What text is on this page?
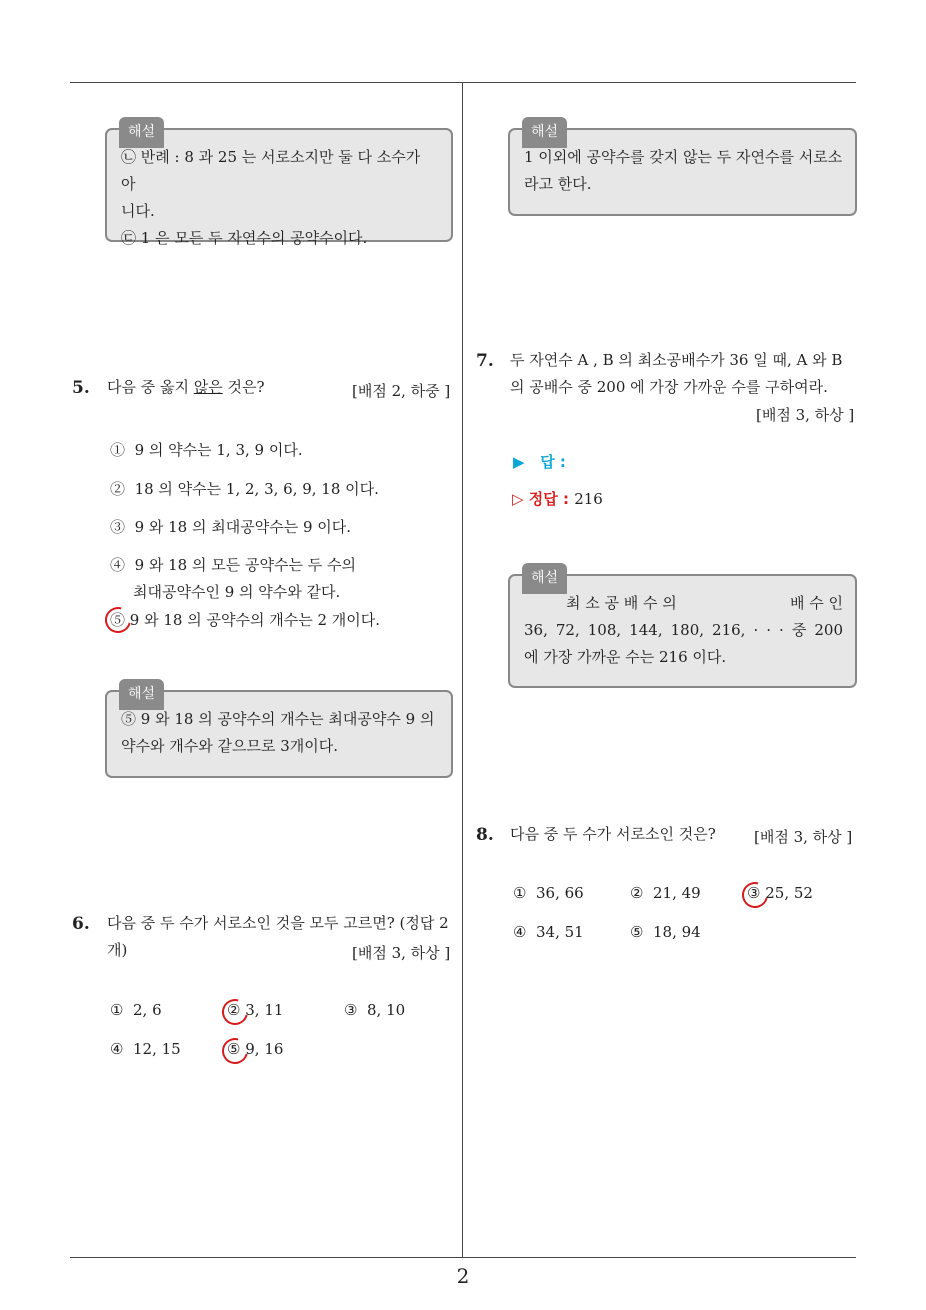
2
해설

㉡ 반례 : 8 과 25 는 서로소지만 둘 다 소수가 아

니다.

㉢ 1 은 모든 두 자연수의 공약수이다.

해설

1 이외에 공약수를 갖지 않는 두 자연수를 서로소

라고 한다.

5. 다음 중 옳지 않은 것은?	[배점 2, 하중 ]
① 9 의 약수는 1, 3, 9 이다.
② 18 의 약수는 1, 2, 3, 6, 9, 18 이다.
③ 9 와 18 의 최대공약수는 9 이다.
④ 9 와 18 의 모든 공약수는 두 수의
최대공약수인 9 의 약수와 같다.
⑤ 9 와 18 의 공약수의 개수는 2 개이다.
해설

⑤ 9 와 18 의 공약수의 개수는 최대공약수 9 의

약수와 개수와 같으므로 3개이다.

6. 다음 중 두 수가 서로소인 것을 모두 고르면? (정답 2
개)	[배점 3, 하상 ]
① 2, 6	② 3, 11	③ 8, 10
④ 12, 15	⑤ 9, 16
7. 두 자연수 A , B 의 최소공배수가 36 일 때, A 와 B
의 공배수 중 200 에 가장 가까운 수를 구하여라.
[배점 3, 하상 ]
▶ 답 :
▷ 정답 : 216
해설

최 소 공 배 수 의	배 수 인

36, 72, 108, 144, 180, 216, · · · 중 200

에 가장 가까운 수는 216 이다.

8. 다음 중 두 수가 서로소인 것은?	[배점 3, 하상 ]
① 36, 66	② 21, 49	③ 25, 52
④ 34, 51	⑤ 18, 94
